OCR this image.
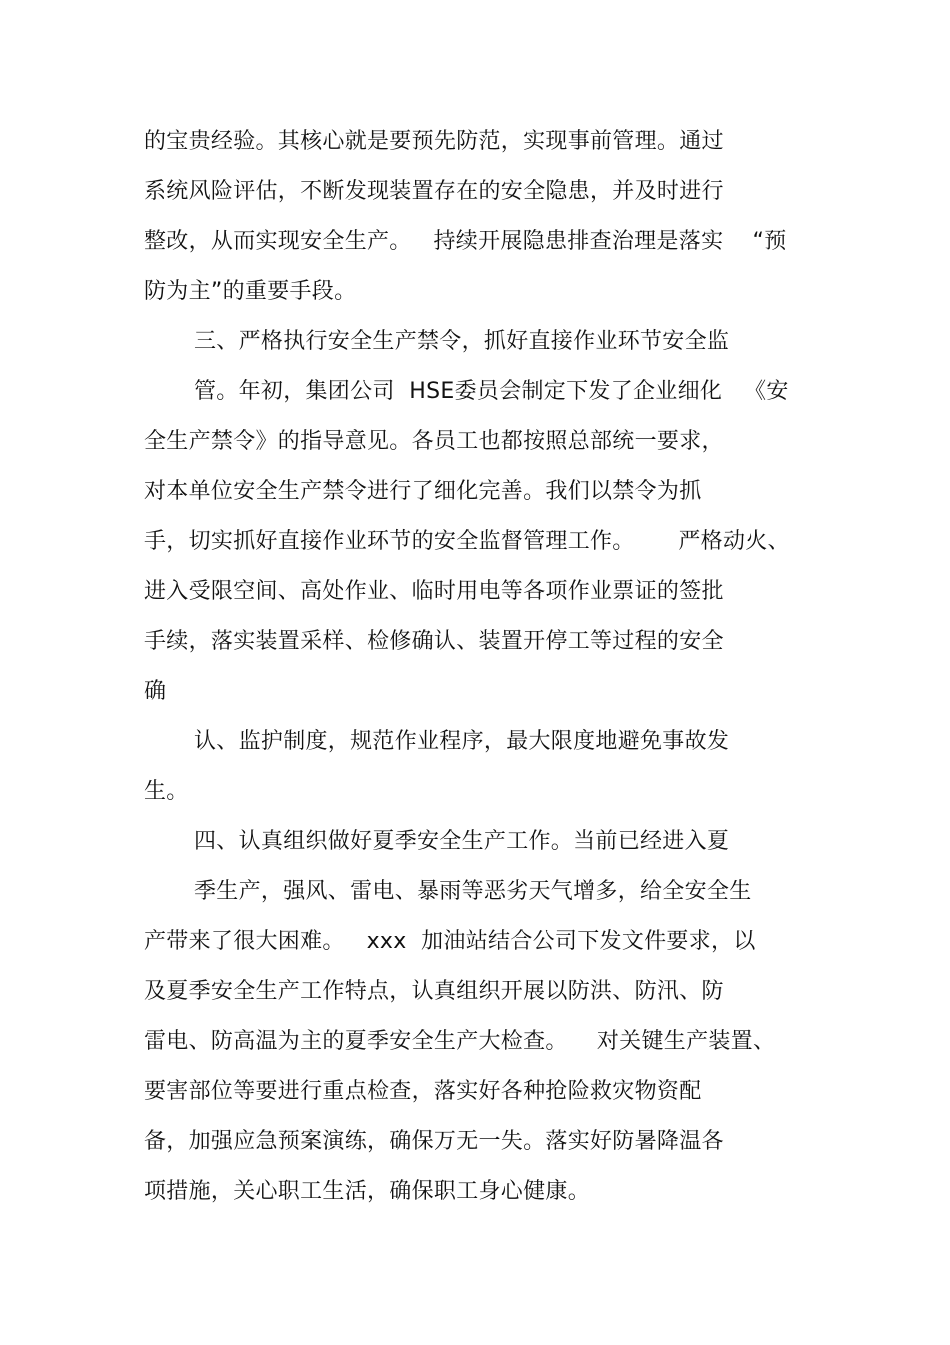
的宝贵经验。其核心就是要预先防范，实现事前管理。通过
系统风险评估，不断发现装置存在的安全隐患，并及时进行
整改，从而实现安全生产。   持续开展隐患排查治理是落实    “预
防为主”的重要手段。
三、严格执行安全生产禁令，抓好直接作业环节安全监
管。年初，集团公司  HSE委员会制定下发了企业细化   《安
全生产禁令》的指导意见。各员工也都按照总部统一要求，
对本单位安全生产禁令进行了细化完善。我们以禁令为抓
手，切实抓好直接作业环节的安全监督管理工作。      严格动火、
进入受限空间、高处作业、临时用电等各项作业票证的签批
手续，落实装置采样、检修确认、装置开停工等过程的安全
确
认、监护制度，规范作业程序，最大限度地避免事故发
生。
四、认真组织做好夏季安全生产工作。当前已经进入夏
季生产，强风、雷电、暴雨等恶劣天气增多，给全安全生
产带来了很大困难。   xxx  加油站结合公司下发文件要求，以
及夏季安全生产工作特点，认真组织开展以防洪、防汛、防
雷电、防高温为主的夏季安全生产大检查。    对关键生产装置、
要害部位等要进行重点检查，落实好各种抢险救灾物资配
备，加强应急预案演练，确保万无一失。落实好防暑降温各
项措施，关心职工生活，确保职工身心健康。
